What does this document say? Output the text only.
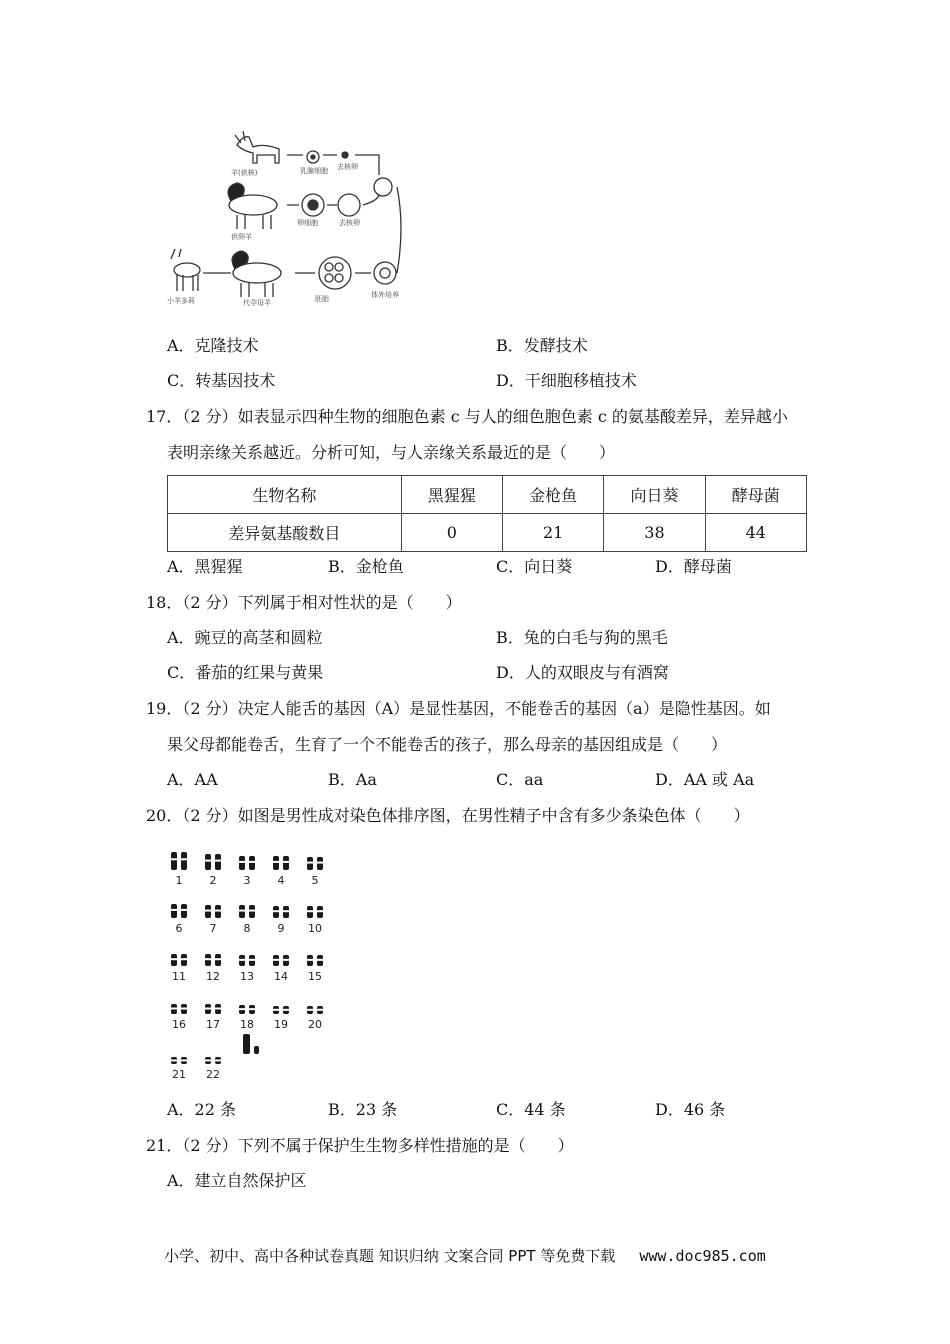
羊(供核)	乳腺细胞 去核卵
供卵羊
卵细胞	去核卵
代孕母羊	胚胎	体外培养
小羊多莉
A．克隆技术	B．发酵技术
C．转基因技术	D．干细胞移植技术
17．（2 分）如表显示四种生物的细胞色素 c 与人的细色胞色素 c 的氨基酸差异，差异越小
表明亲缘关系越近。分析可知，与人亲缘关系最近的是（　　）
生物名称	黑猩猩	金枪鱼	向日葵	酵母菌
差异氨基酸数目	0	21	38	44
A．黑猩猩	B．金枪鱼	C．向日葵	D．酵母菌
18．（2 分）下列属于相对性状的是（　　）
A．豌豆的高茎和圆粒	B．兔的白毛与狗的黑毛
C．番茄的红果与黄果	D．人的双眼皮与有酒窝
19．（2 分）决定人能舌的基因（A）是显性基因，不能卷舌的基因（a）是隐性基因。如
果父母都能卷舌，生育了一个不能卷舌的孩子，那么母亲的基因组成是（　　）
A．AA	B．Aa	C．aa	D．AA 或 Aa
20．（2 分）如图是男性成对染色体排序图，在男性精子中含有多少条染色体（　　）
1 2 3 4 5
6 7 8 9 10
11 12 13 14 15
16 17 18 19 20
21 22
A．22 条	B．23 条	C．44 条	D．46 条
21．（2 分）下列不属于保护生生物多样性措施的是（　　）
A．建立自然保护区
小学、初中、高中各种试卷真题 知识归纳 文案合同 PPT 等免费下载 www.doc985.com
